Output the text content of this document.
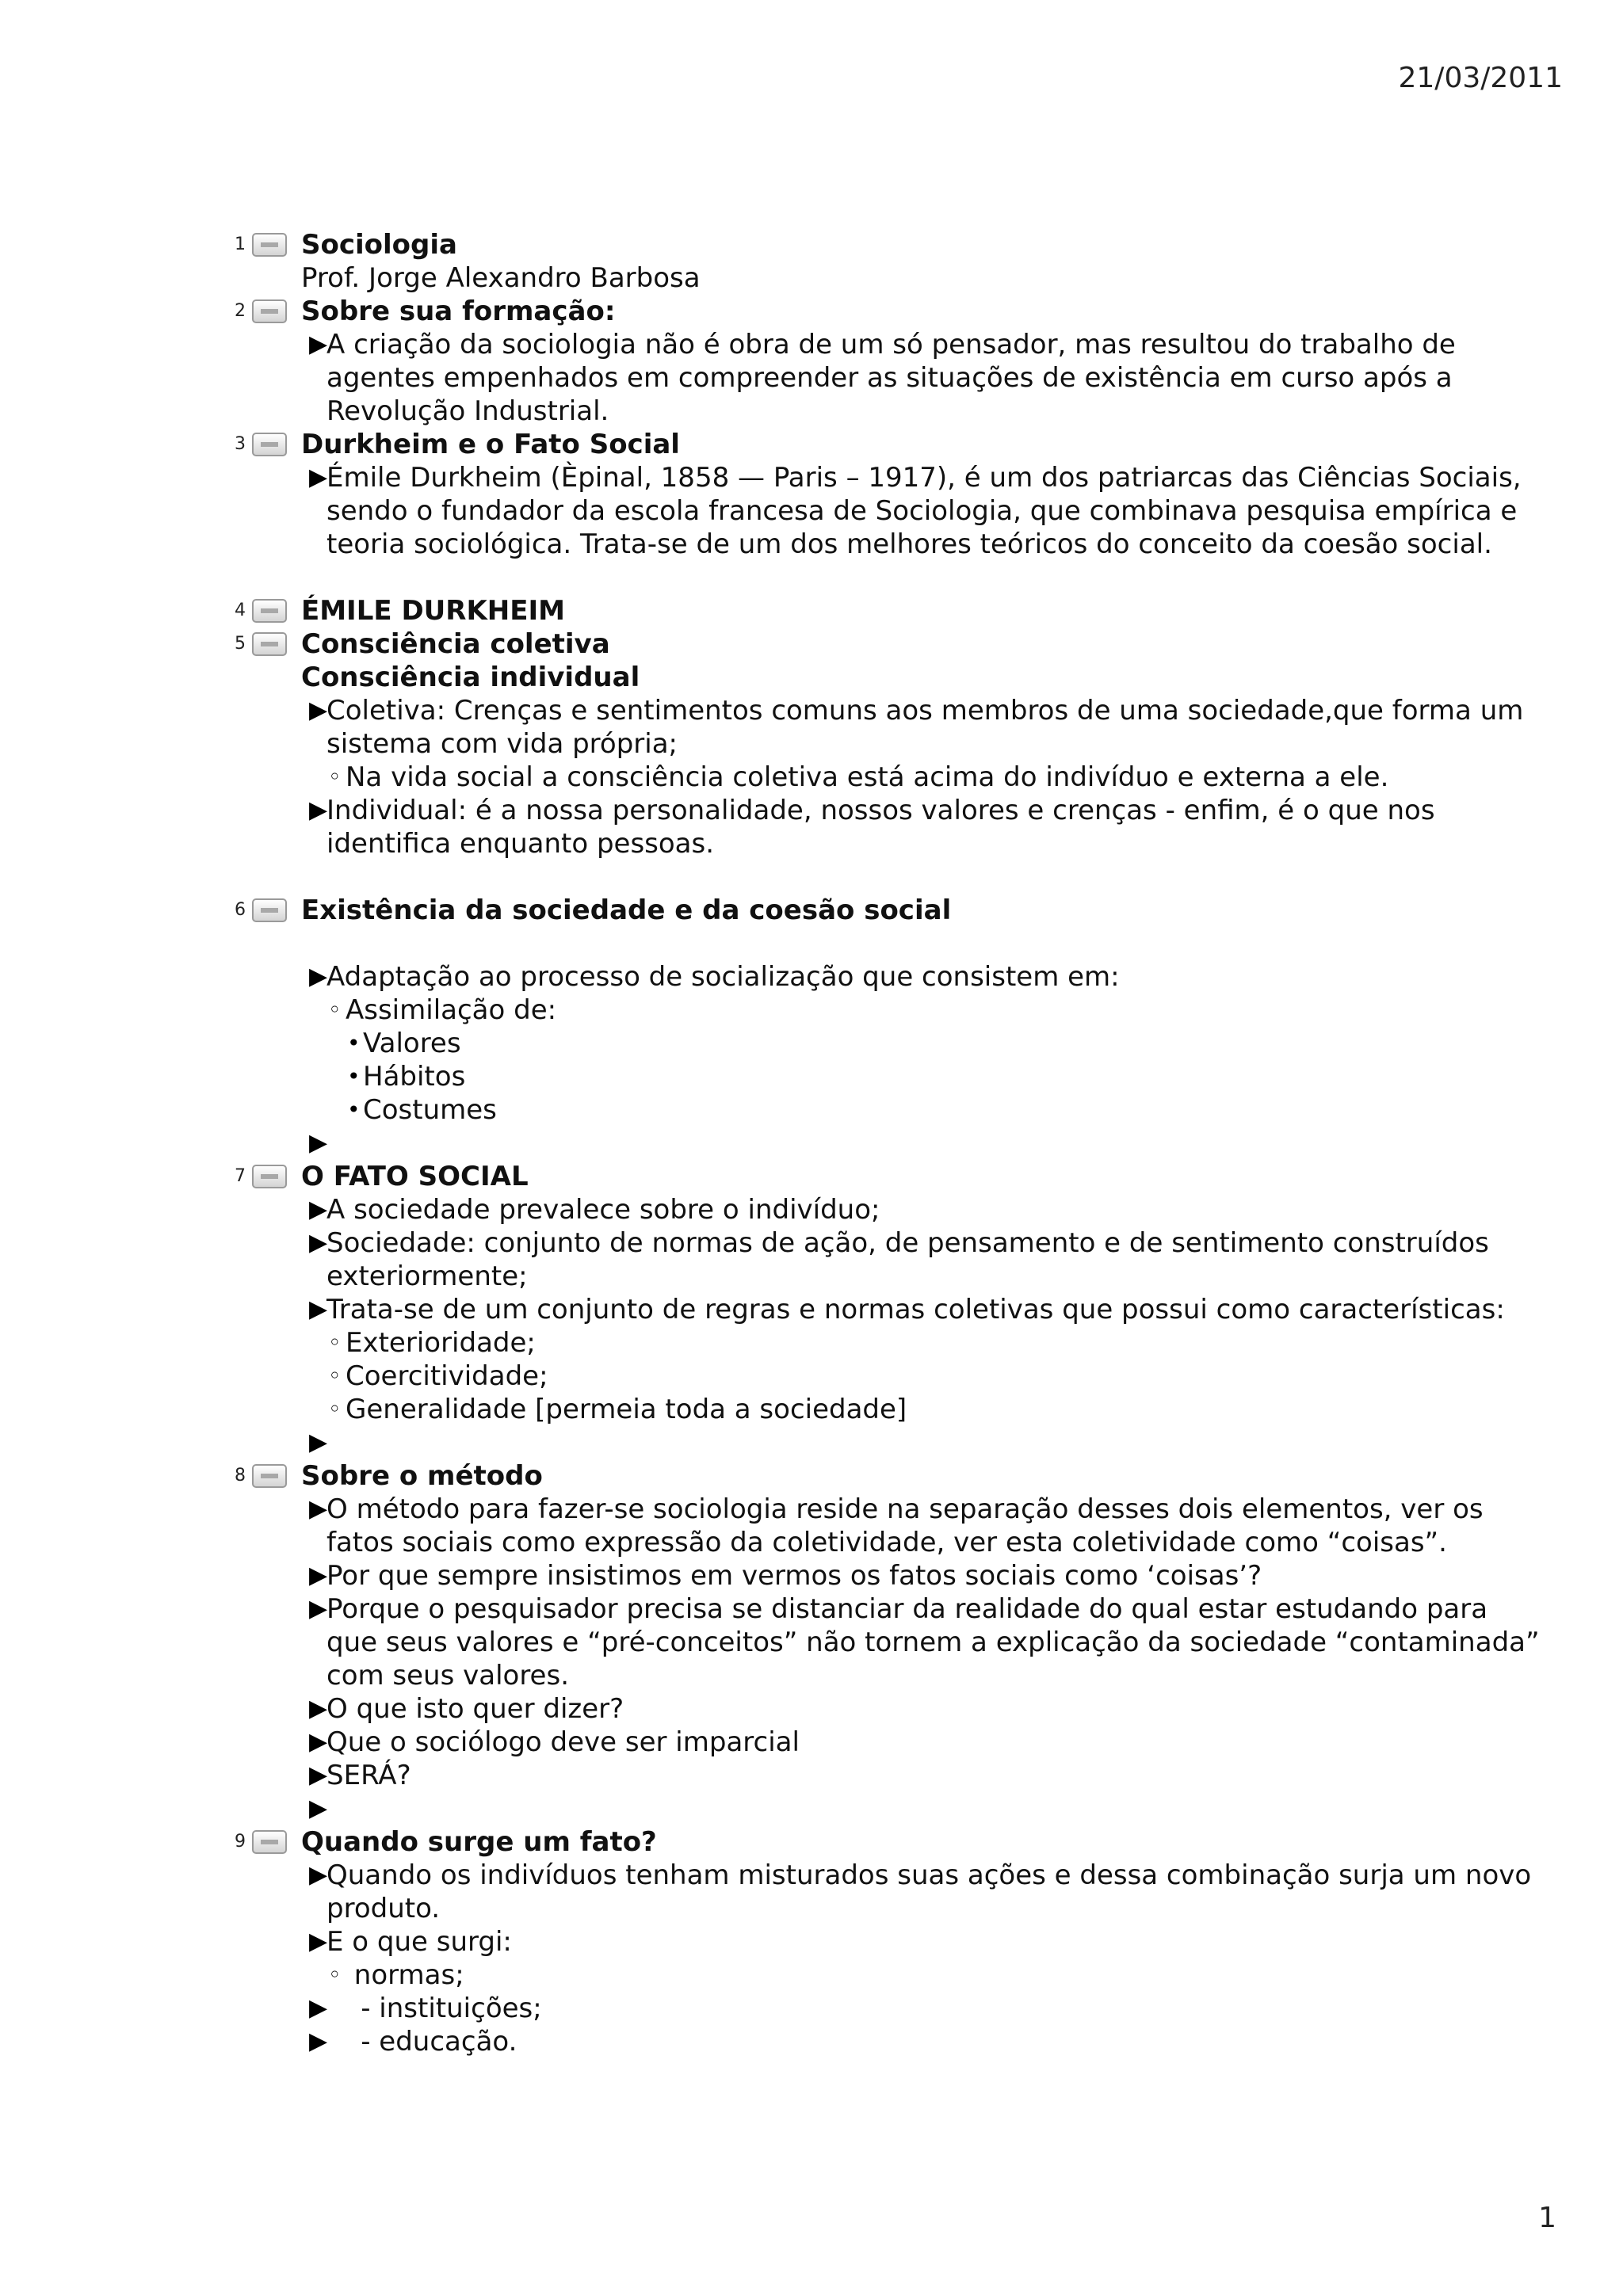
21/03/2011
1 Sociologia
Prof. Jorge Alexandro Barbosa
2 Sobre sua formação:
▶
A criação da sociologia não é obra de um só pensador, mas resultou do trabalho de
agentes empenhados em compreender as situações de existência em curso após a
Revolução Industrial.
3 Durkheim e o Fato Social
▶
Émile Durkheim (Èpinal, 1858 — Paris – 1917), é um dos patriarcas das Ciências Sociais,
sendo o fundador da escola francesa de Sociologia, que combinava pesquisa empírica e
teoria sociológica. Trata-se de um dos melhores teóricos do conceito da coesão social.
4 ÉMILE DURKHEIM
5 Consciência coletiva
Consciência individual
▶
Coletiva: Crenças e sentimentos comuns aos membros de uma sociedade,que forma um
sistema com vida própria;
◦ Na vida social a consciência coletiva está acima do indivíduo e externa a ele.
▶
Individual: é a nossa personalidade, nossos valores e crenças - enfim, é o que nos
identifica enquanto pessoas.
6 Existência da sociedade e da coesão social
▶
Adaptação ao processo de socialização que consistem em:
◦ Assimilação de:
• Valores
• Hábitos
• Costumes
▶
7 O FATO SOCIAL
▶
A sociedade prevalece sobre o indivíduo;
▶
Sociedade: conjunto de normas de ação, de pensamento e de sentimento construídos
exteriormente;
▶
Trata-se de um conjunto de regras e normas coletivas que possui como características:
◦ Exterioridade;
◦ Coercitividade;
◦ Generalidade [permeia toda a sociedade]
▶
8 Sobre o método
▶
O método para fazer-se sociologia reside na separação desses dois elementos, ver os
fatos sociais como expressão da coletividade, ver esta coletividade como “coisas”.
▶
Por que sempre insistimos em vermos os fatos sociais como ‘coisas’?
▶
Porque o pesquisador precisa se distanciar da realidade do qual estar estudando para
que seus valores e “pré-conceitos” não tornem a explicação da sociedade “contaminada”
com seus valores.
▶
O que isto quer dizer?
▶
Que o sociólogo deve ser imparcial
▶
SERÁ?
▶
9 Quando surge um fato?
▶
Quando os indivíduos tenham misturados suas ações e dessa combinação surja um novo
produto.
▶
E o que surgi:
◦ normas;
▶
- instituições;
▶
- educação.
1
